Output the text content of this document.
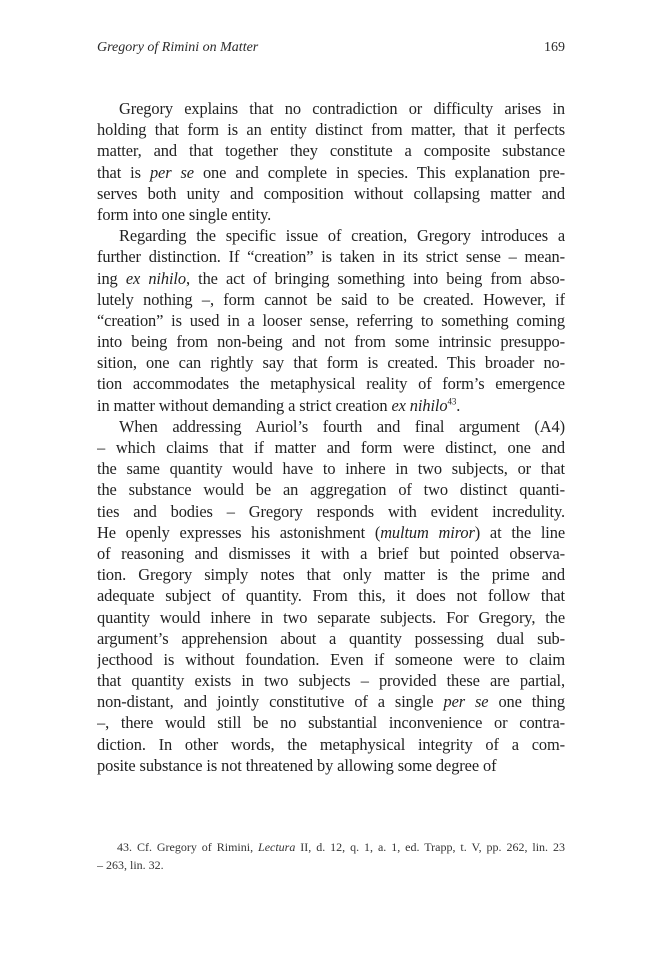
Gregory of Rimini on Matter	169
Gregory explains that no contradiction or difficulty arises in
holding that form is an entity distinct from matter, that it perfects
matter, and that together they constitute a composite substance
that is per se one and complete in species. This explanation pre-
serves both unity and composition without collapsing matter and
form into one single entity.
Regarding the specific issue of creation, Gregory introduces a
further distinction. If “creation” is taken in its strict sense – mean-
ing ex nihilo, the act of bringing something into being from abso-
lutely nothing –, form cannot be said to be created. However, if
“creation” is used in a looser sense, referring to something coming
into being from non-being and not from some intrinsic presuppo-
sition, one can rightly say that form is created. This broader no-
tion accommodates the metaphysical reality of form’s emergence
in matter without demanding a strict creation ex nihilo$^{43}$.
When addressing Auriol’s fourth and final argument (A4)
– which claims that if matter and form were distinct, one and
the same quantity would have to inhere in two subjects, or that
the substance would be an aggregation of two distinct quanti-
ties and bodies – Gregory responds with evident incredulity.
He openly expresses his astonishment (multum miror) at the line
of reasoning and dismisses it with a brief but pointed observa-
tion. Gregory simply notes that only matter is the prime and
adequate subject of quantity. From this, it does not follow that
quantity would inhere in two separate subjects. For Gregory, the
argument’s apprehension about a quantity possessing dual sub-
jecthood is without foundation. Even if someone were to claim
that quantity exists in two subjects – provided these are partial,
non-distant, and jointly constitutive of a single per se one thing
–, there would still be no substantial inconvenience or contra-
diction. In other words, the metaphysical integrity of a com-
posite substance is not threatened by allowing some degree of
43. Cf. Gregory of Rimini, Lectura II, d. 12, q. 1, a. 1, ed. Trapp, t. V, pp. 262, lin. 23
– 263, lin. 32.
